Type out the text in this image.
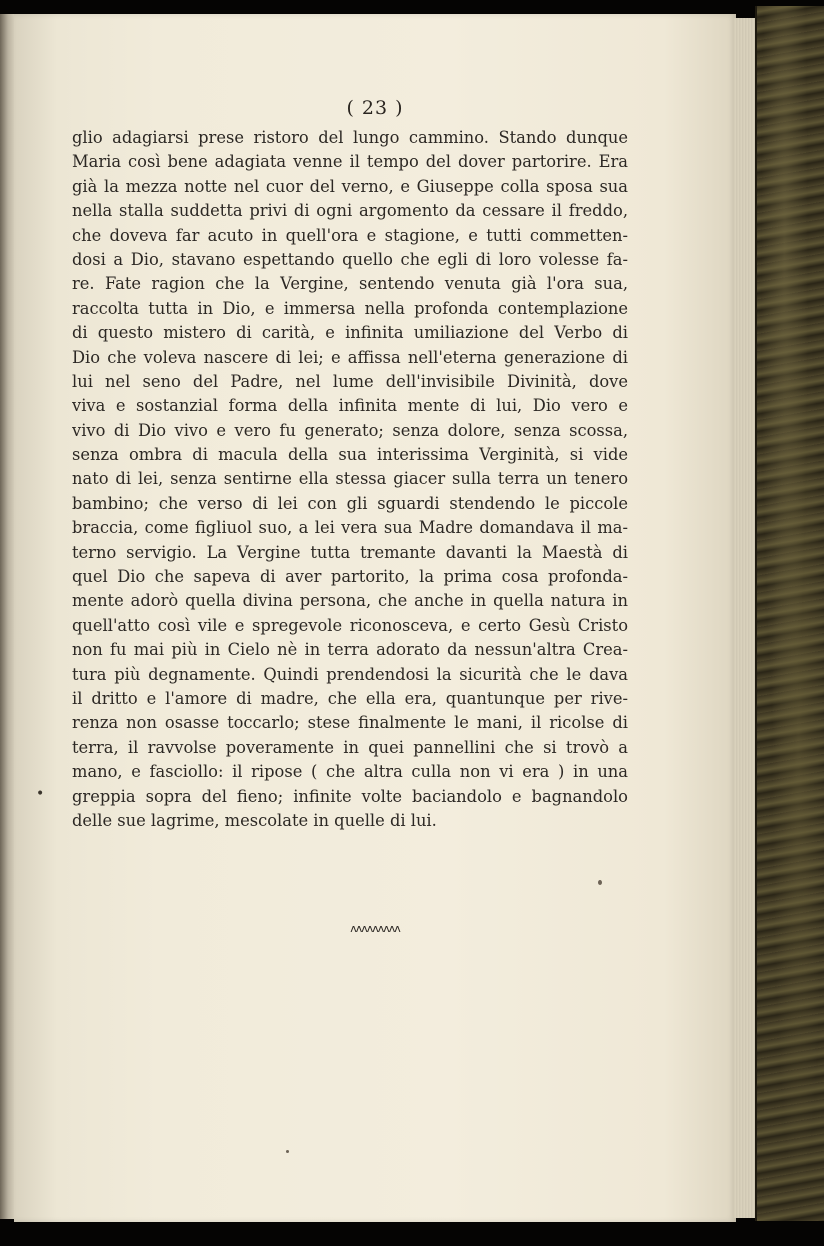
( 23 )
glio adagiarsi prese ristoro del lungo cammino. Stando dunque
Maria così bene adagiata venne il tempo del dover partorire. Era
già la mezza notte nel cuor del verno, e Giuseppe colla sposa sua
nella stalla suddetta privi di ogni argomento da cessare il freddo,
che doveva far acuto in quell'ora e stagione, e tutti commetten-
dosi a Dio, stavano espettando quello che egli di loro volesse fa-
re. Fate ragion che la Vergine, sentendo venuta già l'ora sua,
raccolta tutta in Dio, e immersa nella profonda contemplazione
di questo mistero di carità, e infinita umiliazione del Verbo di
Dio che voleva nascere di lei; e affissa nell'eterna generazione di
lui nel seno del Padre, nel lume dell'invisibile Divinità, dove
viva e sostanzial forma della infinita mente di lui, Dio vero e
vivo di Dio vivo e vero fu generato; senza dolore, senza scossa,
senza ombra di macula della sua interissima Verginità, si vide
nato di lei, senza sentirne ella stessa giacer sulla terra un tenero
bambino; che verso di lei con gli sguardi stendendo le piccole
braccia, come figliuol suo, a lei vera sua Madre domandava il ma-
terno servigio. La Vergine tutta tremante davanti la Maestà di
quel Dio che sapeva di aver partorito, la prima cosa profonda-
mente adorò quella divina persona, che anche in quella natura in
quell'atto così vile e spregevole riconosceva, e certo Gesù Cristo
non fu mai più in Cielo nè in terra adorato da nessun'altra Crea-
tura più degnamente. Quindi prendendosi la sicurità che le dava
il dritto e l'amore di madre, che ella era, quantunque per rive-
renza non osasse toccarlo; stese finalmente le mani, il ricolse di
terra, il ravvolse poveramente in quei pannellini che si trovò a
mano, e fasciollo: il ripose ( che altra culla non vi era ) in una
greppia sopra del fieno; infinite volte baciandolo e bagnandolo
delle sue lagrime, mescolate in quelle di lui.
ʌʌʌʌʌʌʌʌʌ
•
